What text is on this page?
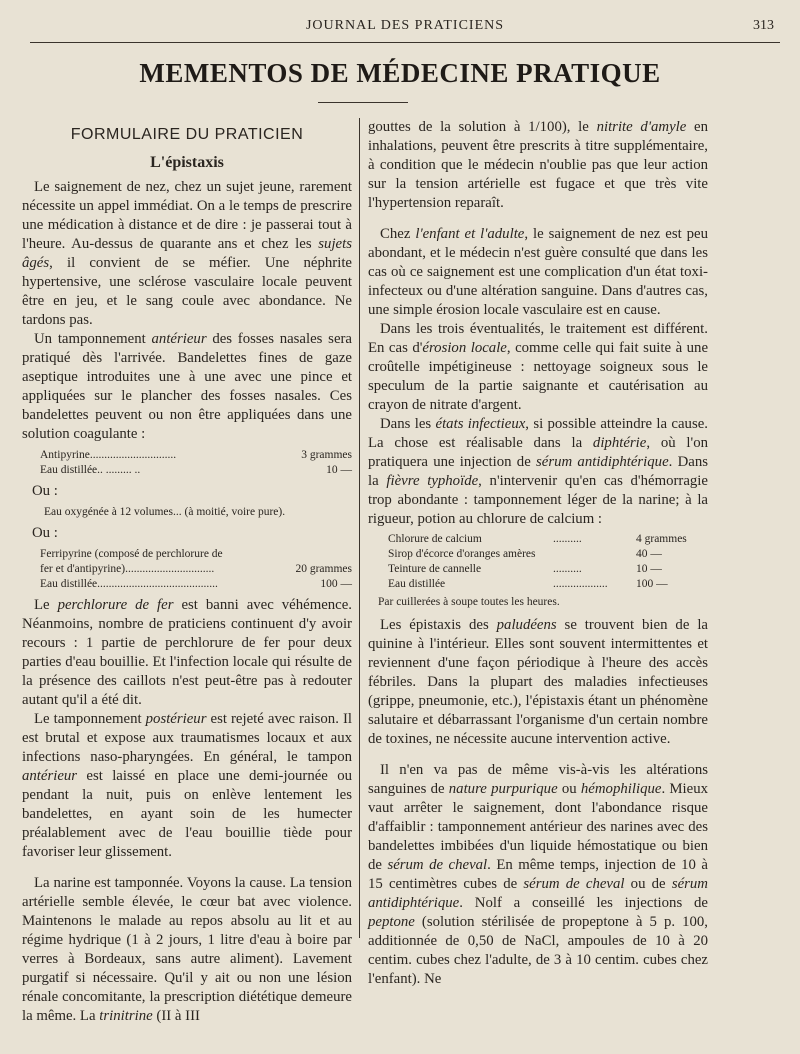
JOURNAL DES PRATICIENS	313
MEMENTOS DE MÉDECINE PRATIQUE
FORMULAIRE DU PRATICIEN
L'épistaxis

Le saignement de nez, chez un sujet jeune, rarement nécessite un appel immédiat. On a le temps de prescrire une médication à distance et de dire : je passerai tout à l'heure. Au-dessus de quarante ans et chez les sujets âgés, il convient de se méfier. Une néphrite hypertensive, une sclérose vasculaire locale peuvent être en jeu, et le sang coule avec abondance. Ne tardons pas.

Un tamponnement antérieur des fosses nasales sera pratiqué dès l'arrivée. Bandelettes fines de gaze aseptique introduites une à une avec une pince et appliquées sur le plancher des fosses nasales. Ces bandelettes peuvent ou non être appliquées dans une solution coagulante :

Antipyrine ..............................	3 grammes
Eau distillée .. ......... ..	10 —
Ou :
Eau oxygénée à 12 volumes... (à moitié, voire pure).
Ou :
Ferripyrine (composé de perchlorure de
fer et d'antipyrine) ...............................	20 grammes
Eau distillée ..........................................	100 —

Le perchlorure de fer est banni avec véhémence. Néanmoins, nombre de praticiens continuent d'y avoir recours : 1 partie de perchlorure de fer pour deux parties d'eau bouillie. Et l'infection locale qui résulte de la présence des caillots n'est peut-être pas à redouter autant qu'il a été dit.

Le tamponnement postérieur est rejeté avec raison. Il est brutal et expose aux traumatismes locaux et aux infections naso-pharyngées. En général, le tampon antérieur est laissé en place une demi-journée ou pendant la nuit, puis on enlève lentement les bandelettes, en ayant soin de les humecter préalablement avec de l'eau bouillie tiède pour favoriser leur glissement.

La narine est tamponnée. Voyons la cause. La tension artérielle semble élevée, le cœur bat avec violence. Maintenons le malade au repos absolu au lit et au régime hydrique (1 à 2 jours, 1 litre d'eau à boire par verres à Bordeaux, sans autre aliment). Lavement purgatif si nécessaire. Qu'il y ait ou non une lésion rénale concomitante, la prescription diététique demeure la même. La trinitrine (II à III

gouttes de la solution à 1/100), le nitrite d'amyle en inhalations, peuvent être prescrits à titre supplémentaire, à condition que le médecin n'oublie pas que leur action sur la tension artérielle est fugace et que très vite l'hypertension reparaît.

Chez l'enfant et l'adulte, le saignement de nez est peu abondant, et le médecin n'est guère consulté que dans les cas où ce saignement est une complication d'un état toxi-infecteux ou d'une altération sanguine. Dans d'autres cas, une simple érosion locale vasculaire est en cause.

Dans les trois éventualités, le traitement est différent. En cas d'érosion locale, comme celle qui fait suite à une croûtelle impétigineuse : nettoyage soigneux sous le speculum de la partie saignante et cautérisation au crayon de nitrate d'argent.

Dans les états infectieux, si possible atteindre la cause. La chose est réalisable dans la diphtérie, où l'on pratiquera une injection de sérum antidiphtérique. Dans la fièvre typhoïde, n'intervenir qu'en cas d'hémorragie trop abondante : tamponnement léger de la narine; à la rigueur, potion au chlorure de calcium :

Chlorure de calcium	..........	4 grammes
Sirop d'écorce d'oranges amères	40 —
Teinture de cannelle	..........	10 —
Eau distillée	...................	100 —
Par cuillerées à soupe toutes les heures.

Les épistaxis des paludéens se trouvent bien de la quinine à l'intérieur. Elles sont souvent intermittentes et reviennent d'une façon périodique à l'heure des accès fébriles. Dans la plupart des maladies infectieuses (grippe, pneumonie, etc.), l'épistaxis étant un phénomène salutaire et débarrassant l'organisme d'un certain nombre de toxines, ne nécessite aucune intervention active.

Il n'en va pas de même vis-à-vis les altérations sanguines de nature purpurique ou hémophilique. Mieux vaut arrêter le saignement, dont l'abondance risque d'affaiblir : tamponnement antérieur des narines avec des bandelettes imbibées d'un liquide hémostatique ou bien de sérum de cheval. En même temps, injection de 10 à 15 centimètres cubes de sérum de cheval ou de sérum antidiphtérique. Nolf a conseillé les injections de peptone (solution stérilisée de propeptone à 5 p. 100, additionnée de 0,50 de NaCl, ampoules de 10 à 20 centim. cubes chez l'adulte, de 3 à 10 centim. cubes chez l'enfant). Ne
